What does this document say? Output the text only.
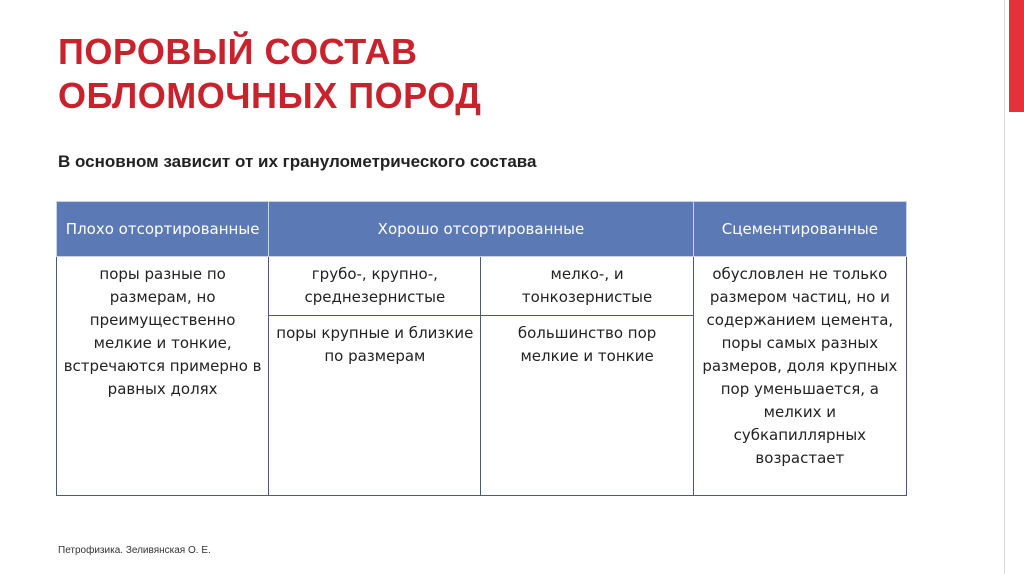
ПОРОВЫЙ СОСТАВ
ОБЛОМОЧНЫХ ПОРОД

В основном зависит от их гранулометрического состава

Плохо отсортированные	Хорошо отсортированные		Сцементированные
поры разные по размерам, но преимущественно мелкие и тонкие, встречаются примерно в равных долях	грубо-, крупно-, среднезернистые	мелко-, и тонкозернистые	обусловлен не только размером частиц, но и содержанием цемента, поры самых разных размеров, доля крупных пор уменьшается, а мелких и субкапиллярных возрастает
	поры крупные и близкие по размерам	большинство пор мелкие и тонкие	
Петрофизика. Зеливянская О. Е.
